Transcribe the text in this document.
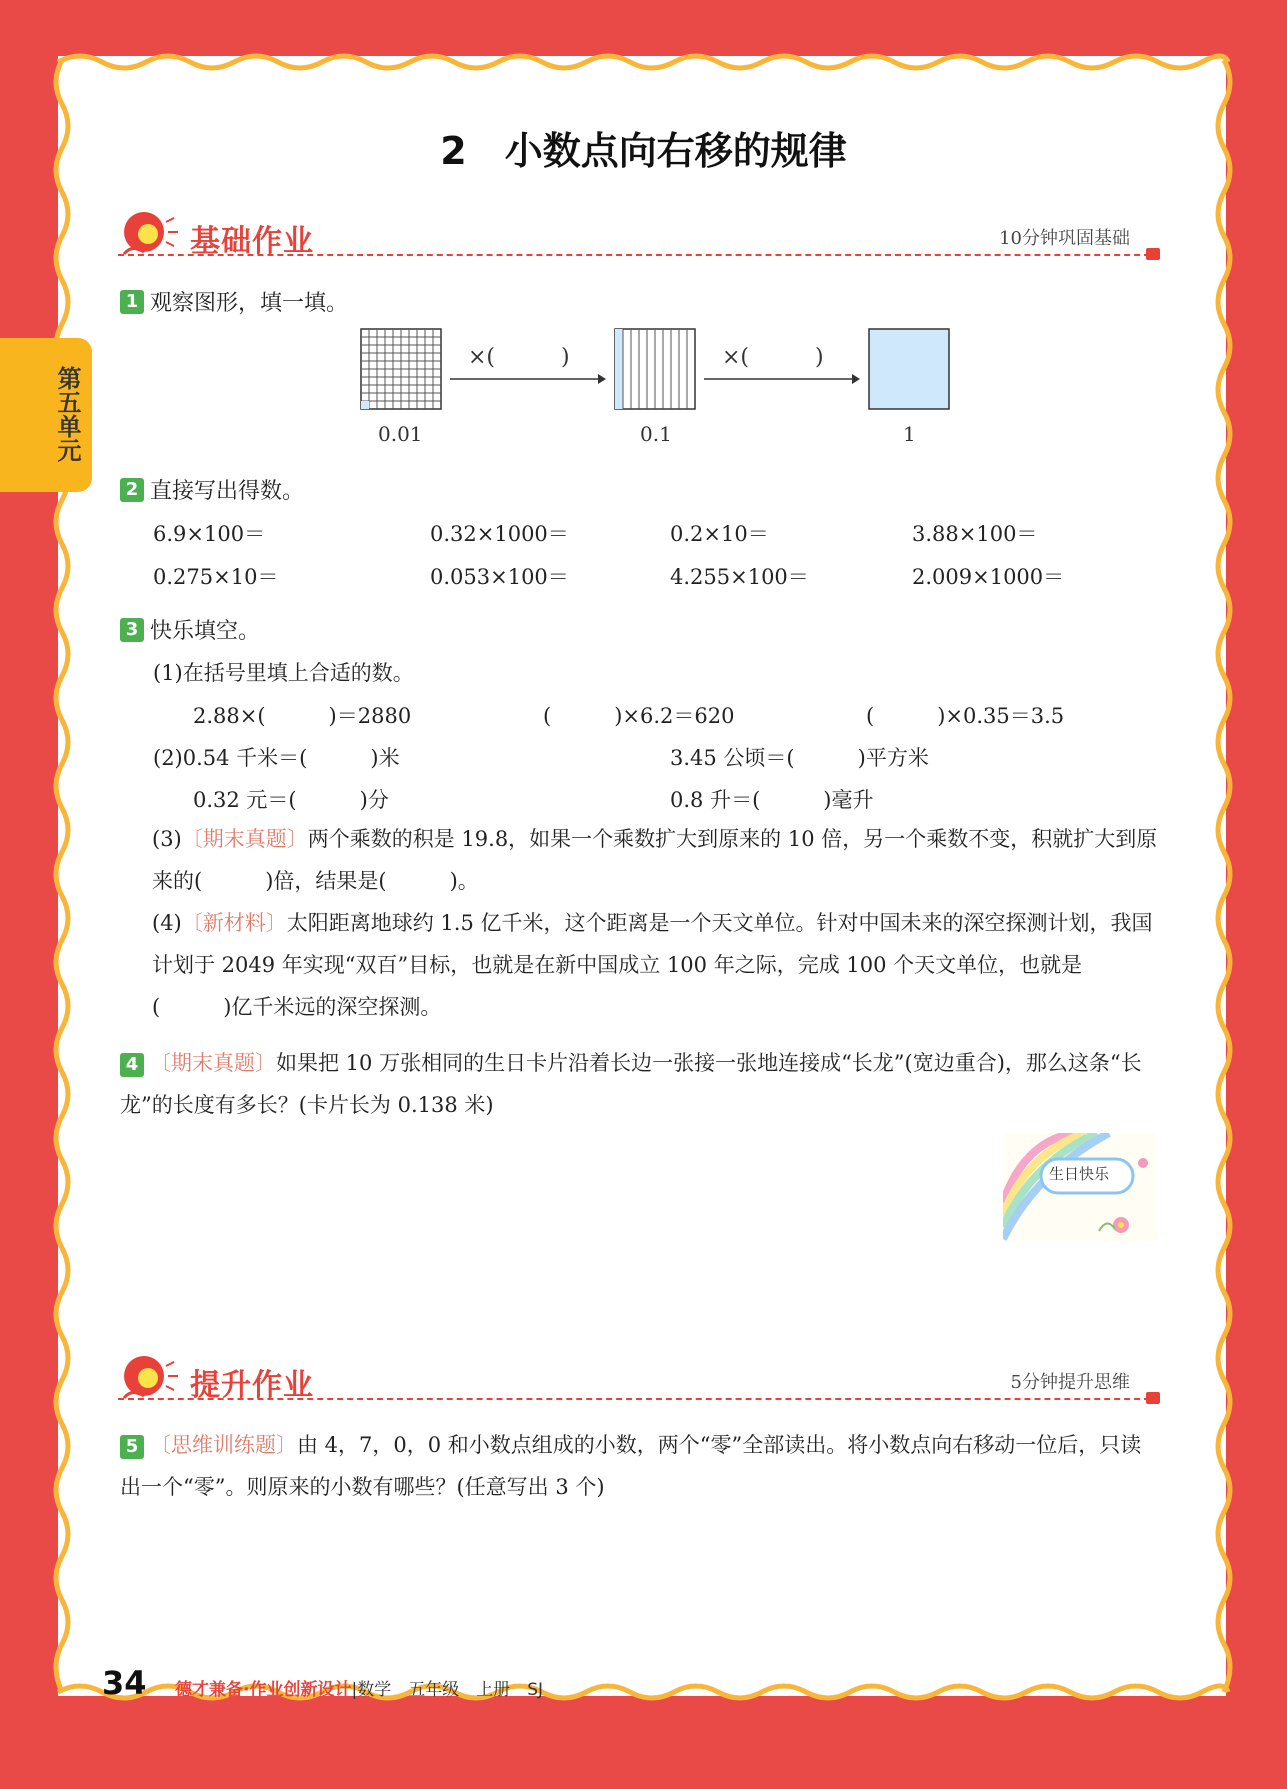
第五单元
2　小数点向右移的规律
基础作业	10分钟巩固基础
1 观察图形，填一填。
×(　　　)	×(　　　)
0.01	0.1	1
2 直接写出得数。
6.9×100＝	0.32×1000＝	0.2×10＝	3.88×100＝
0.275×10＝	0.053×100＝	4.255×100＝	2.009×1000＝
3 快乐填空。
(1)在括号里填上合适的数。
2.88×(　　　)＝2880	(　　　)×6.2＝620	(　　　)×0.35＝3.5
(2)0.54 千米＝(　　　)米	3.45 公顷＝(　　　)平方米
0.32 元＝(　　　)分	0.8 升＝(　　　)毫升
(3)〔期末真题〕两个乘数的积是 19.8，如果一个乘数扩大到原来的 10 倍，另一个乘数不变，积就扩大到原来的(　　　)倍，结果是(　　　)。
(4)〔新材料〕太阳距离地球约 1.5 亿千米，这个距离是一个天文单位。针对中国未来的深空探测计划，我国计划于 2049 年实现“双百”目标，也就是在新中国成立 100 年之际，完成 100 个天文单位，也就是(　　　)亿千米远的深空探测。
4 〔期末真题〕如果把 10 万张相同的生日卡片沿着长边一张接一张地连接成“长龙”(宽边重合)，那么这条“长龙”的长度有多长？(卡片长为 0.138 米)
生日快乐
提升作业	5分钟提升思维
5 〔思维训练题〕由 4，7，0，0 和小数点组成的小数，两个“零”全部读出。将小数点向右移动一位后，只读出一个“零”。则原来的小数有哪些？(任意写出 3 个)
34 德才兼备·作业创新设计|数学　五年级　上册　SJ
